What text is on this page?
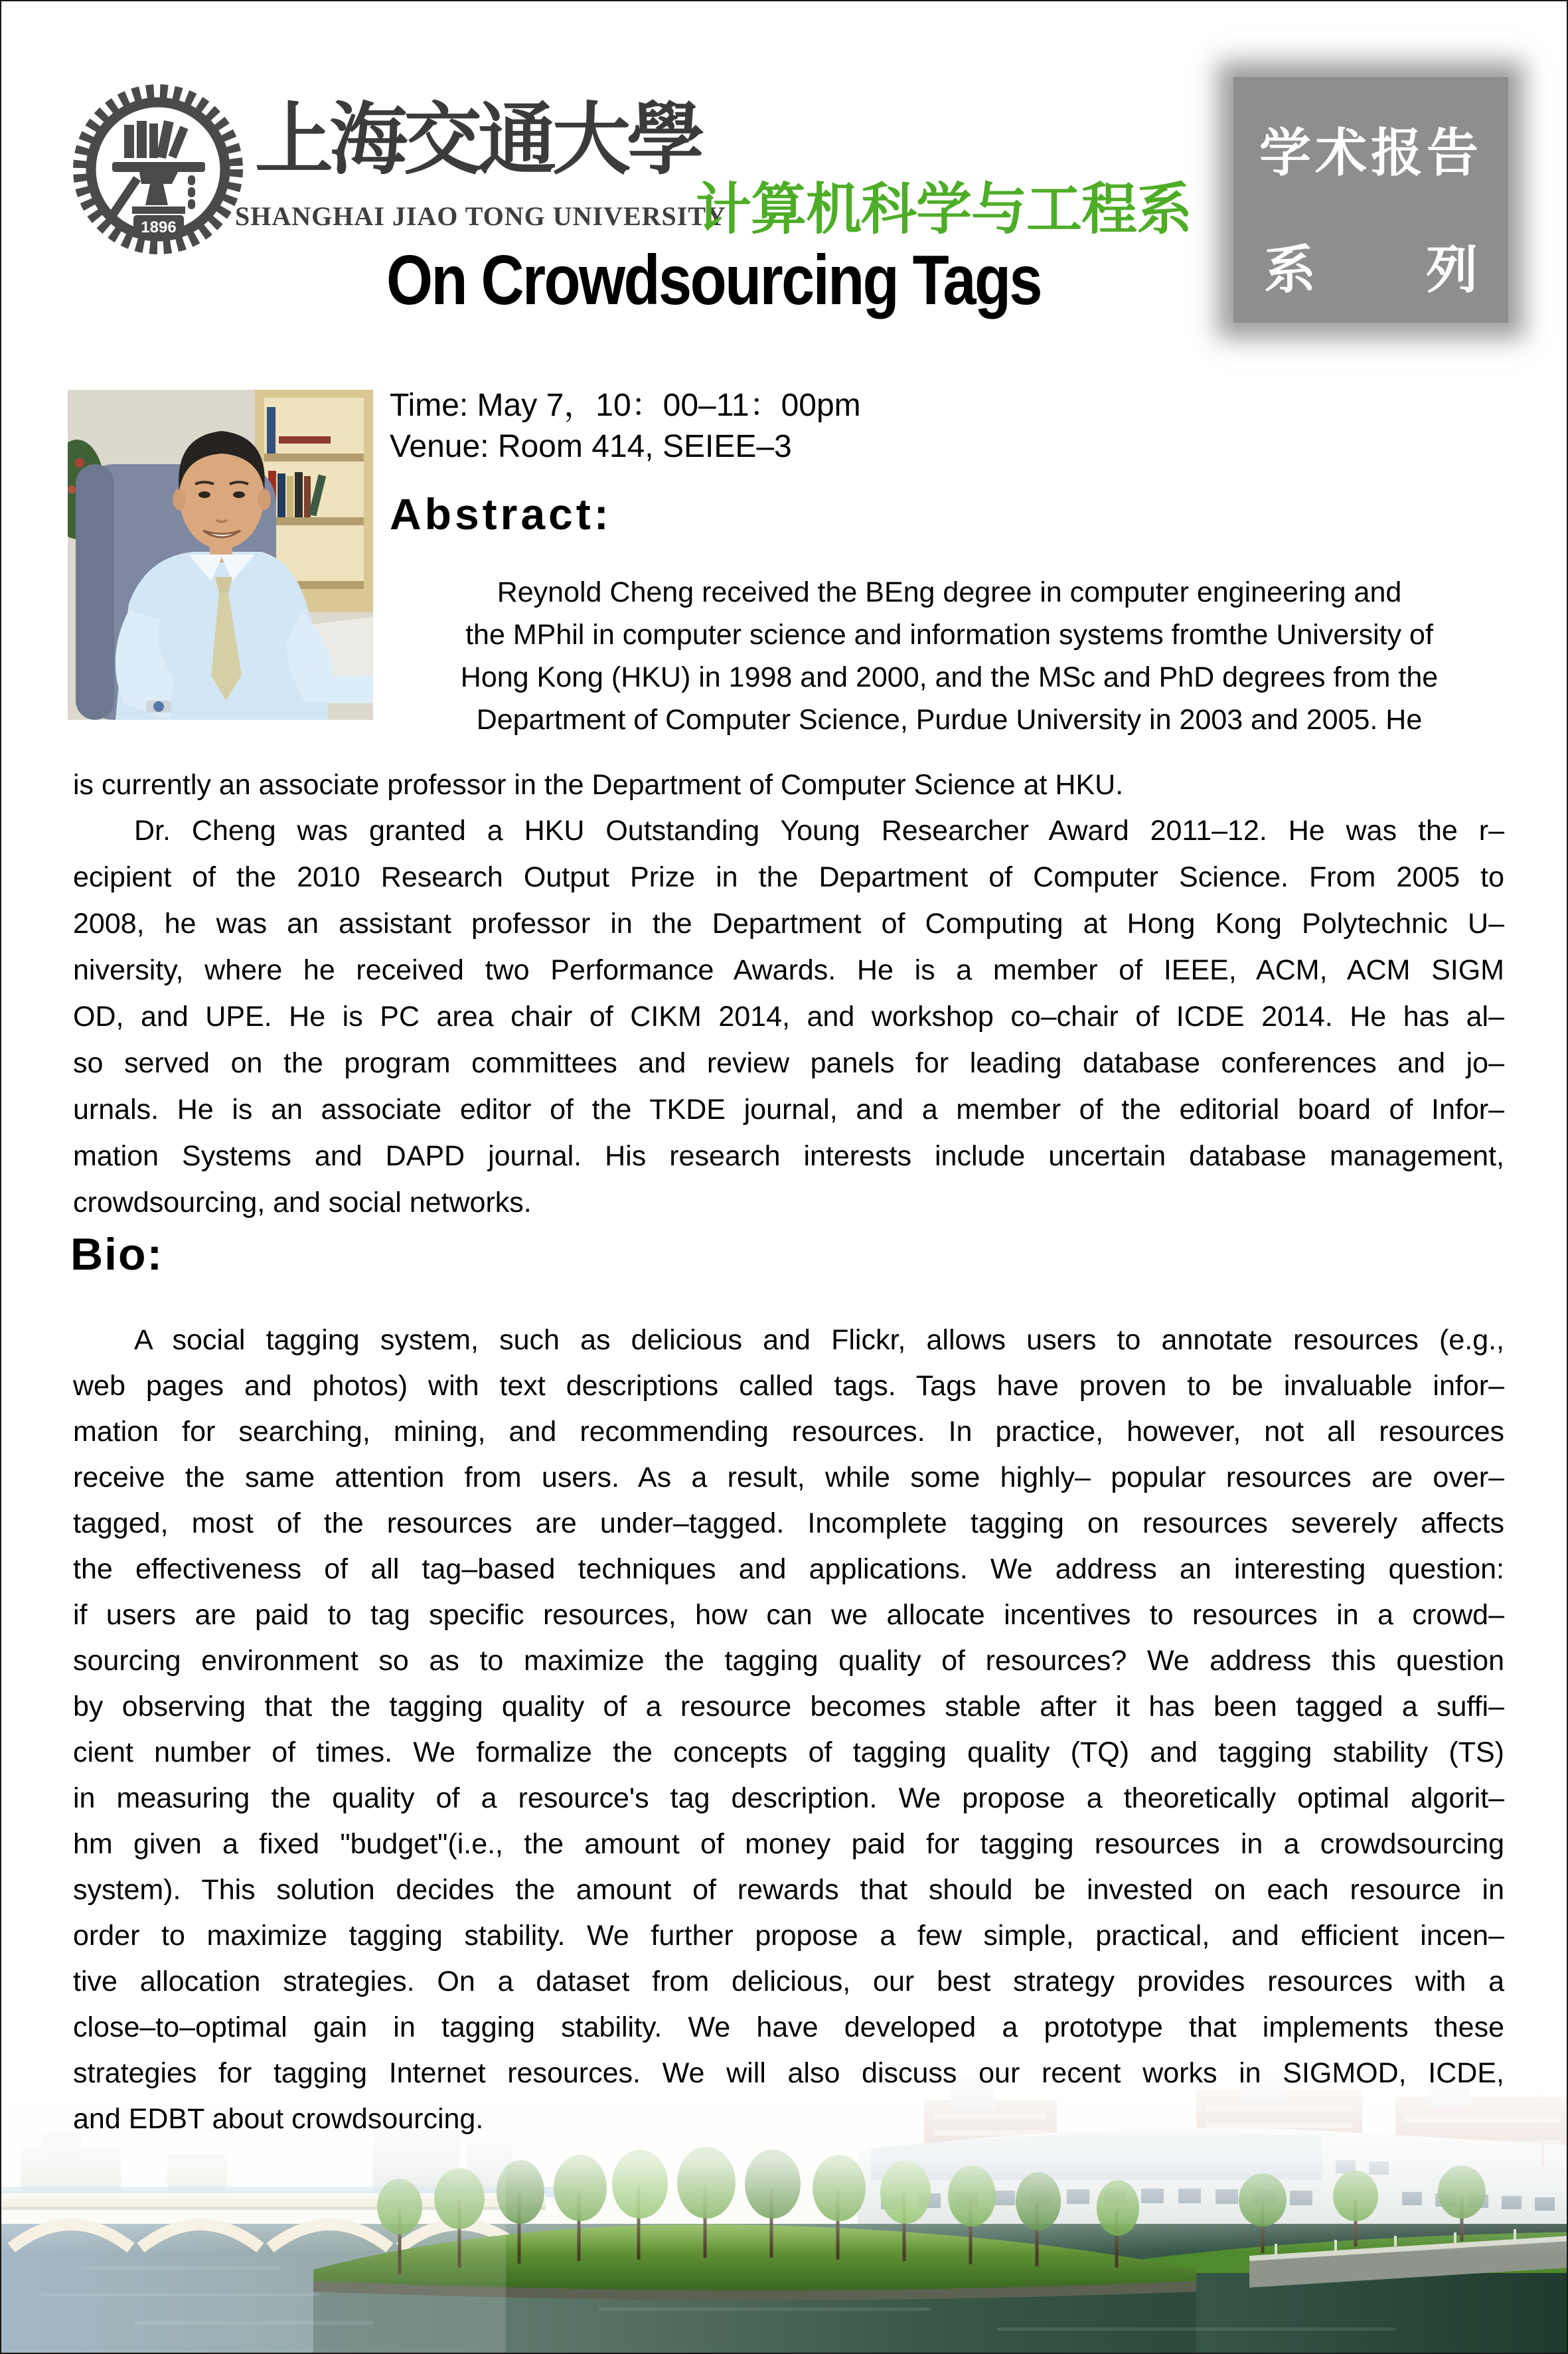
1896
上海交通大學
SHANGHAI JIAO TONG UNIVERSITY
计算机科学与工程系
学术报告
系 列
On Crowdsourcing Tags
Time: May 7，10：00–11：00pm
Venue: Room 414, SEIEE–3
Abstract:
Reynold Cheng received the BEng degree in computer engineering and
the MPhil in computer science and information systems fromthe University of
Hong Kong (HKU) in 1998 and 2000, and the MSc and PhD degrees from the
Department of Computer Science, Purdue University in 2003 and 2005. He
is currently an associate professor in the Department of Computer Science at HKU.
Dr. Cheng was granted a HKU Outstanding Young Researcher Award 2011–12. He was the r–
ecipient of the 2010 Research Output Prize in the Department of Computer Science. From 2005 to
2008, he was an assistant professor in the Department of Computing at Hong Kong Polytechnic U–
niversity, where he received two Performance Awards. He is a member of IEEE, ACM, ACM SIGM
OD, and UPE. He is PC area chair of CIKM 2014, and workshop co–chair of ICDE 2014. He has al–
so served on the program committees and review panels for leading database conferences and jo–
urnals. He is an associate editor of the TKDE journal, and a member of the editorial board of Infor–
mation Systems and DAPD journal. His research interests include uncertain database management,
crowdsourcing, and social networks.
Bio:
A social tagging system, such as delicious and Flickr, allows users to annotate resources (e.g.,
web pages and photos) with text descriptions called tags. Tags have proven to be invaluable infor–
mation for searching, mining, and recommending resources. In practice, however, not all resources
receive the same attention from users. As a result, while some highly– popular resources are over–
tagged, most of the resources are under–tagged. Incomplete tagging on resources severely affects
the effectiveness of all tag–based techniques and applications. We address an interesting question:
if users are paid to tag specific resources, how can we allocate incentives to resources in a crowd–
sourcing environment so as to maximize the tagging quality of resources? We address this question
by observing that the tagging quality of a resource becomes stable after it has been tagged a suffi–
cient number of times. We formalize the concepts of tagging quality (TQ) and tagging stability (TS)
in measuring the quality of a resource's tag description. We propose a theoretically optimal algorit–
hm given a fixed "budget"(i.e., the amount of money paid for tagging resources in a crowdsourcing
system). This solution decides the amount of rewards that should be invested on each resource in
order to maximize tagging stability. We further propose a few simple, practical, and efficient incen–
tive allocation strategies. On a dataset from delicious, our best strategy provides resources with a
close–to–optimal gain in tagging stability. We have developed a prototype that implements these
strategies for tagging Internet resources. We will also discuss our recent works in SIGMOD, ICDE,
and EDBT about crowdsourcing.
